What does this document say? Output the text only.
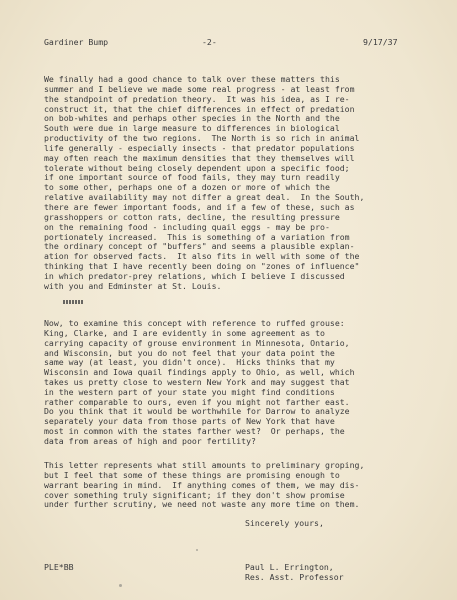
Gardiner Bump	-2-	9/17/37
We finally had a good chance to talk over these matters this
summer and I believe we made some real progress - at least from
the standpoint of predation theory.  It was his idea, as I re-
construct it, that the chief differences in effect of predation
on bob-whites and perhaps other species in the North and the
South were due in large measure to differences in biological
productivity of the two regions.  The North is so rich in animal
life generally - especially insects - that predator populations
may often reach the maximum densities that they themselves will
tolerate without being closely dependent upon a specific food;
if one important source of food fails, they may turn readily
to some other, perhaps one of a dozen or more of which the
relative availability may not differ a great deal.  In the South,
there are fewer important foods, and if a few of these, such as
grasshoppers or cotton rats, decline, the resulting pressure
on the remaining food - including quail eggs - may be pro-
portionately increased.  This is something of a variation from
the ordinary concept of "buffers" and seems a plausible explan-
ation for observed facts.  It also fits in well with some of the
thinking that I have recently been doing on "zones of influence"
in which predator-prey relations, which I believe I discussed
with you and Edminster at St. Louis.
Now, to examine this concept with reference to ruffed grouse:
King, Clarke, and I are evidently in some agreement as to
carrying capacity of grouse environment in Minnesota, Ontario,
and Wisconsin, but you do not feel that your data point the
same way (at least, you didn't once).  Hicks thinks that my
Wisconsin and Iowa quail findings apply to Ohio, as well, which
takes us pretty close to western New York and may suggest that
in the western part of your state you might find conditions
rather comparable to ours, even if you might not farther east.
Do you think that it would be worthwhile for Darrow to analyze
separately your data from those parts of New York that have
most in common with the states farther west?  Or perhaps, the
data from areas of high and poor fertility?
This letter represents what still amounts to preliminary groping,
but I feel that some of these things are promising enough to
warrant bearing in mind.  If anything comes of them, we may dis-
cover something truly significant; if they don't show promise
under further scrutiny, we need not waste any more time on them.
Sincerely yours,
PLE*BB	Paul L. Errington,
Res. Asst. Professor
